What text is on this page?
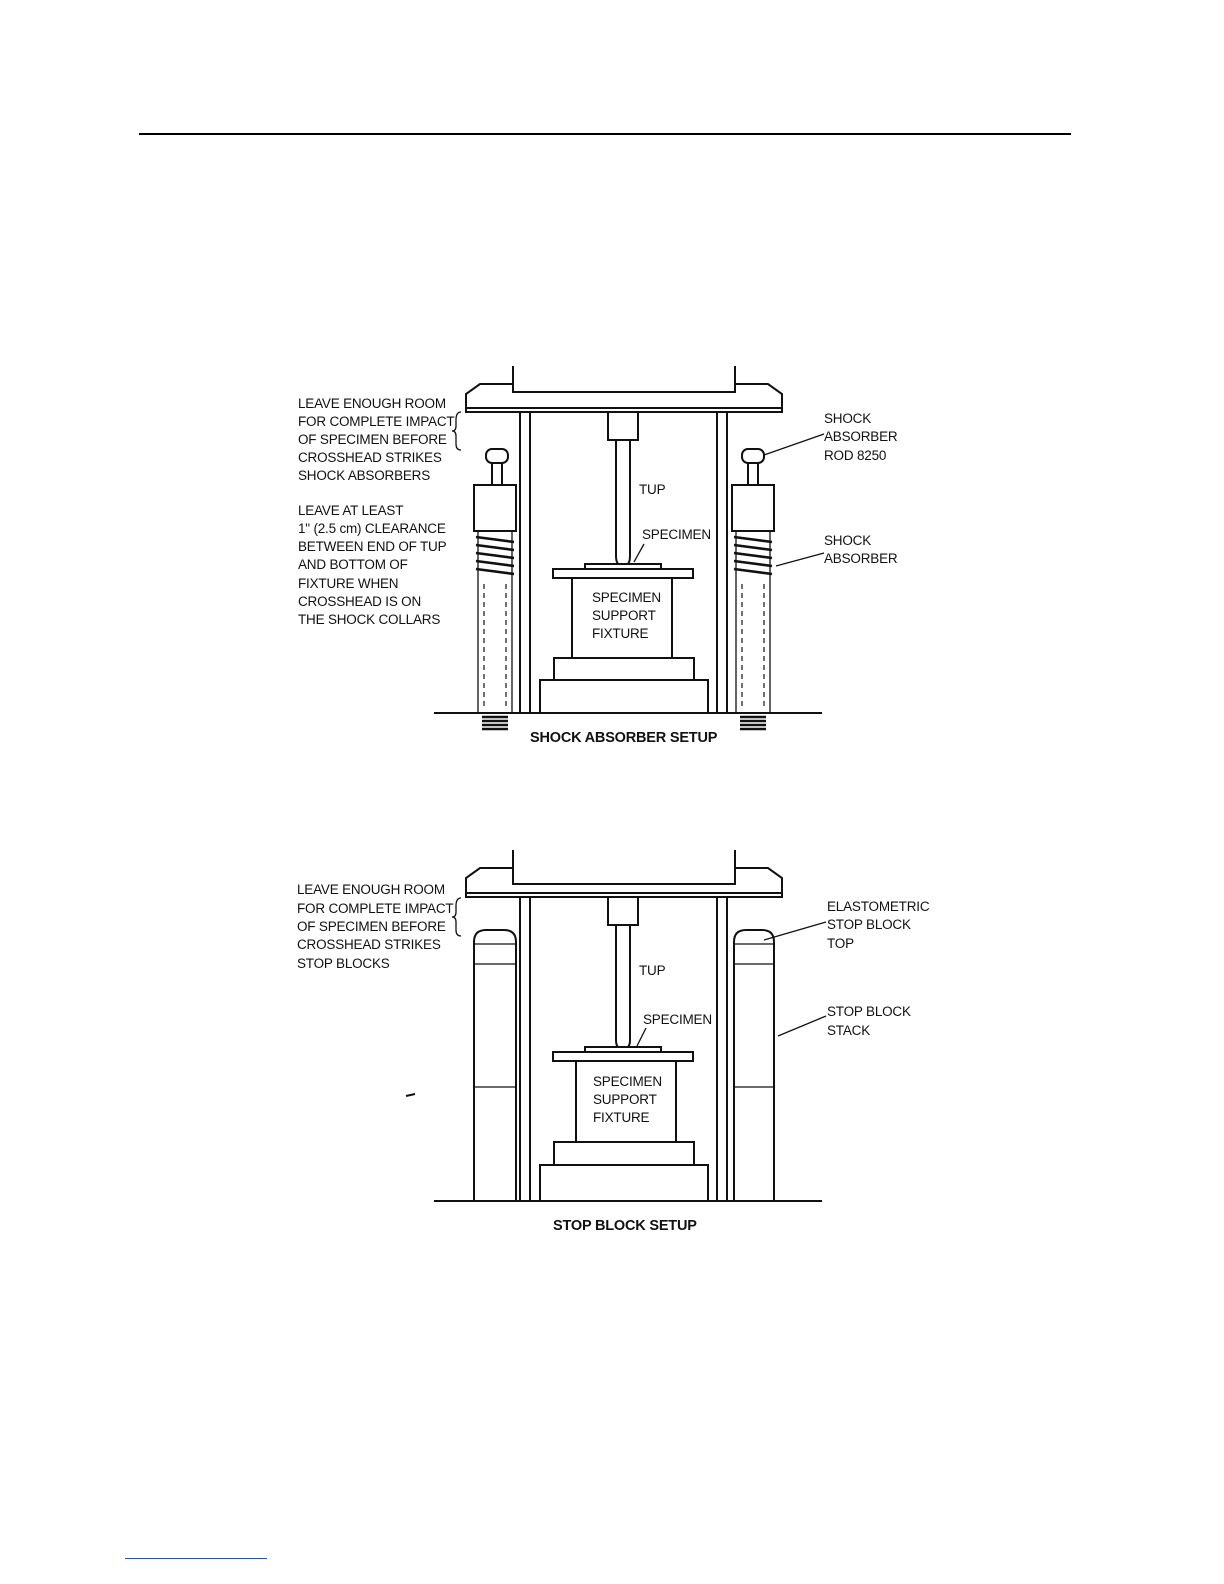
LEAVE ENOUGH ROOM FOR COMPLETE IMPACT OF SPECIMEN BEFORE CROSSHEAD STRIKES SHOCK ABSORBERS
LEAVE AT LEAST 1" (2.5 cm) CLEARANCE BETWEEN END OF TUP AND BOTTOM OF FIXTURE WHEN CROSSHEAD IS ON THE SHOCK COLLARS
SHOCK ABSORBER ROD 8250
SHOCK ABSORBER
TUP
SPECIMEN
SPECIMEN SUPPORT FIXTURE
SHOCK ABSORBER SETUP
LEAVE ENOUGH ROOM FOR COMPLETE IMPACT OF SPECIMEN BEFORE CROSSHEAD STRIKES STOP BLOCKS
ELASTOMETRIC STOP BLOCK TOP
STOP BLOCK STACK
TUP
SPECIMEN
SPECIMEN SUPPORT FIXTURE
STOP BLOCK SETUP
